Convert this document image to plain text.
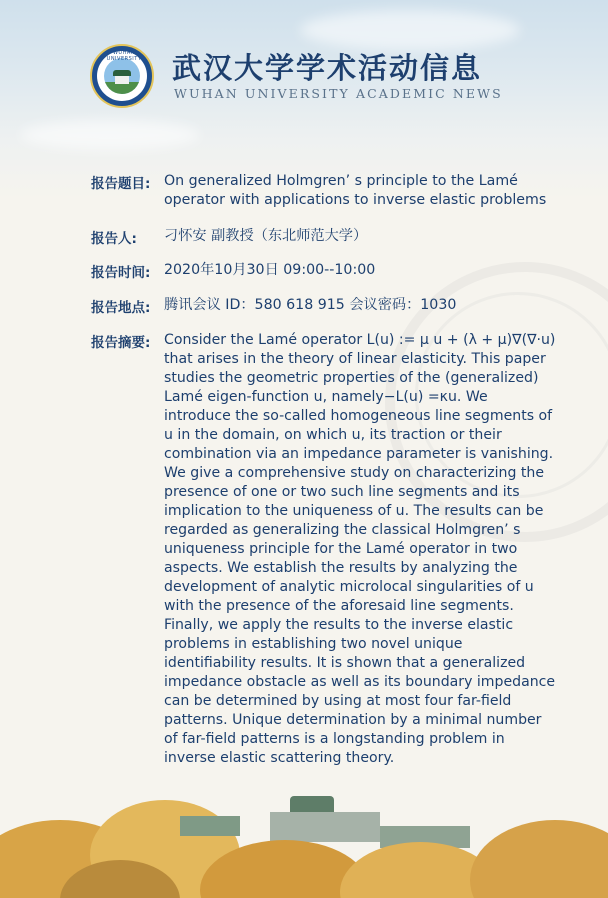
WUHAN UNIVERSITY	武汉大学学术活动信息
WUHAN UNIVERSITY ACADEMIC NEWS
报告题目: On generalized Holmgren’ s principle to the Lamé operator with applications to inverse elastic problems
报告人:	刁怀安 副教授（东北师范大学）
报告时间: 2020年10月30日 09:00--10:00
报告地点: 腾讯会议 ID：580 618 915 会议密码：1030
报告摘要: Consider the Lamé operator L(u) := μ u + (λ + μ)∇(∇·u) that arises in the theory of linear elasticity. This paper studies the geometric properties of the (generalized) Lamé eigen-function u, namely−L(u) =κu. We introduce the so-called homogeneous line segments of u in the domain, on which u, its traction or their combination via an impedance parameter is vanishing. We give a comprehensive study on characterizing the presence of one or two such line segments and its implication to the uniqueness of u. The results can be regarded as generalizing the classical Holmgren’ s uniqueness principle for the Lamé operator in two aspects. We establish the results by analyzing the development of analytic microlocal singularities of u with the presence of the aforesaid line segments. Finally, we apply the results to the inverse elastic problems in establishing two novel unique identifiability results. It is shown that a generalized impedance obstacle as well as its boundary impedance can be determined by using at most four far-field patterns. Unique determination by a minimal number of far-field patterns is a longstanding problem in inverse elastic scattering theory.
